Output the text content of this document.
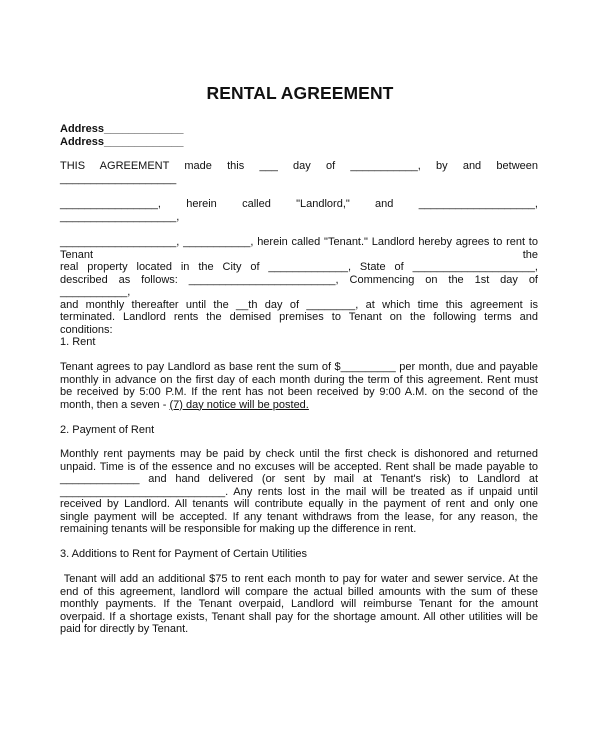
RENTAL AGREEMENT
Address_____________
Address_____________
THIS AGREEMENT made this ___ day of ___________, by and between
___________________
________________, herein called "Landlord," and ___________________,
___________________,
___________________, ___________, herein called "Tenant." Landlord hereby agrees to rent to Tenant the
real property located in the City of _____________, State of ____________________,
described as follows: ________________________, Commencing on the 1st day of ___________,
and monthly thereafter until the __th day of ________, at which time this agreement is
terminated. Landlord rents the demised premises to Tenant on the following terms and
conditions:
1. Rent
Tenant agrees to pay Landlord as base rent the sum of $_________ per month, due and payable
monthly in advance on the first day of each month during the term of this agreement. Rent must
be received by 5:00 P.M. If the rent has not been received by 9:00 A.M. on the second of the
month, then a seven - (7) day notice will be posted.
2. Payment of Rent
Monthly rent payments may be paid by check until the first check is dishonored and returned
unpaid. Time is of the essence and no excuses will be accepted. Rent shall be made payable to
_____________ and hand delivered (or sent by mail at Tenant's risk) to Landlord at
___________________________. Any rents lost in the mail will be treated as if unpaid until
received by Landlord. All tenants will contribute equally in the payment of rent and only one
single payment will be accepted. If any tenant withdraws from the lease, for any reason, the
remaining tenants will be responsible for making up the difference in rent.
3. Additions to Rent for Payment of Certain Utilities
Tenant will add an additional $75 to rent each month to pay for water and sewer service. At the
end of this agreement, landlord will compare the actual billed amounts with the sum of these
monthly payments. If the Tenant overpaid, Landlord will reimburse Tenant for the amount
overpaid. If a shortage exists, Tenant shall pay for the shortage amount. All other utilities will be
paid for directly by Tenant.
